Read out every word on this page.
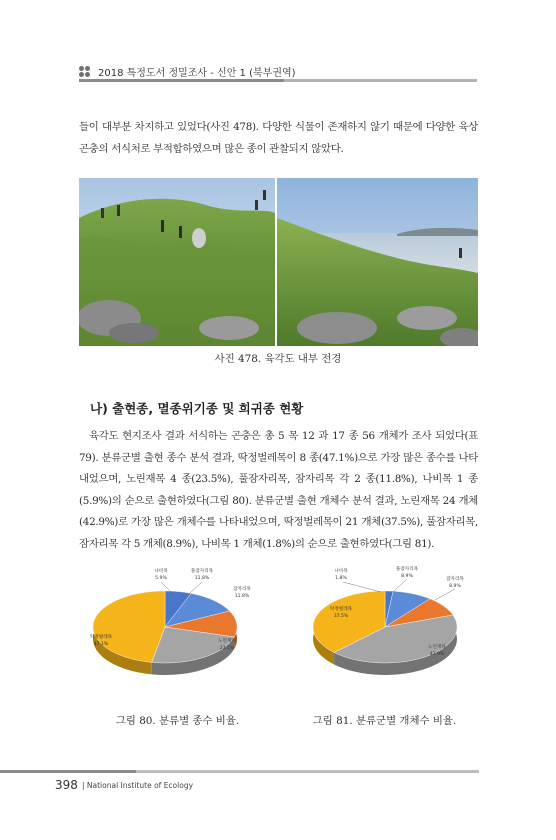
2018 특정도서 정밀조사 - 신안 1 (북부권역)
들이 대부분 차지하고 있었다(사진 478). 다양한 식물이 존재하지 않기 때문에 다양한 육상곤충의 서식처로 부적합하였으며 많은 종이 관찰되지 않았다.
사진 478. 육각도 내부 전경
나) 출현종, 멸종위기종 및 희귀종 현황
육각도 현지조사 결과 서식하는 곤충은 총 5 목 12 과 17 종 56 개체가 조사 되었다(표 79). 분류군별 출현 종수 분석 결과, 딱정벌레목이 8 종(47.1%)으로 가장 많은 종수를 나타내었으며, 노린재목 4 종(23.5%), 풀잠자리목, 잠자리목 각 2 종(11.8%), 나비목 1 종(5.9%)의 순으로 출현하였다(그림 80). 분류군별 출현 개체수 분석 결과, 노린재목 24 개체(42.9%)로 가장 많은 개체수를 나타내었으며, 딱정벌레목이 21 개체(37.5%), 풀잠자리목, 잠자리목 각 5 개체(8.9%), 나비목 1 개체(1.8%)의 순으로 출현하였다(그림 81).
나비목
5.9%
풀잠자리목
11.8%
잠자리목
11.8%
노린재목
23.5%
딱정벌레목
47.1%
나비목
1.8%
풀잠자리목
8.9%
잠자리목
8.9%
노린재목
42.9%
딱정벌레목
37.5%
그림 80. 분류별 종수 비율.	그림 81. 분류군별 개체수 비율.
398 | National Institute of Ecology
